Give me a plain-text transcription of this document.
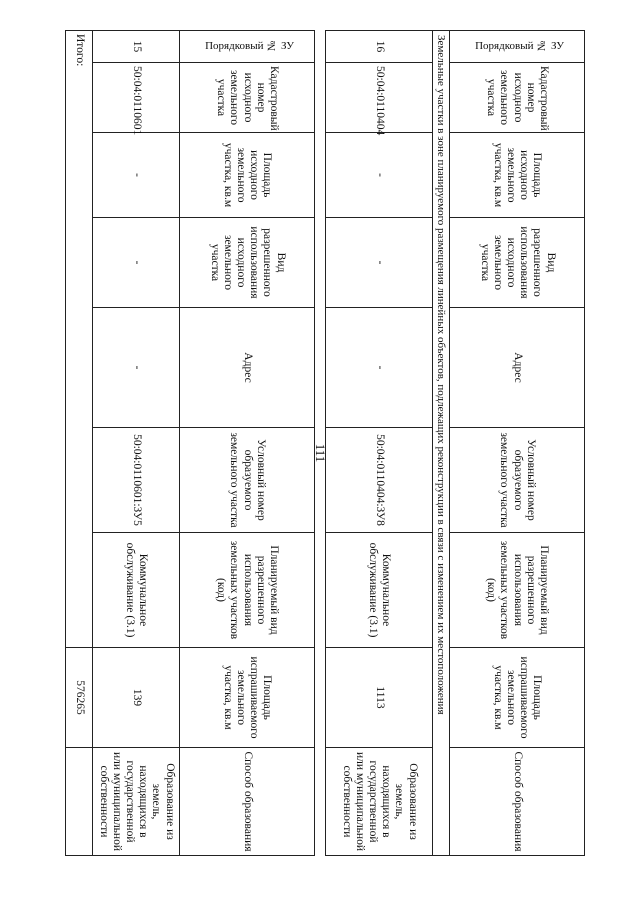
111
Порядковый № ЗУ	Кадастровый номер исходного земельного участка	Площадь исходного земельного участка, кв.м	Вид разрешенного использования исходного земельного участка	Адрес	Условный номер образуемого земельного участка	Планируемый вид разрешенного использования земельных участков (код)	Площадь испрашиваемого земельного участка, кв.м	Способ образования
15	50:04:0110601	-	-	-	50:04:0110601:ЗУ5	Коммунальное обслуживание (3.1)	139	Образование из земель, находящихся в государственной или муниципальной собственности
Итого:							576265	
Порядковый № ЗУ	Кадастровый номер исходного земельного участка	Площадь исходного земельного участка, кв.м	Вид разрешенного использования исходного земельного участка	Адрес	Условный номер образуемого земельного участка	Планируемый вид разрешенного использования земельных участков (код)	Площадь испрашиваемого земельного участка, кв.м	Способ образования
Земельные участки в зоне планируемого размещения линейных объектов, подлежащих реконструкции в связи с изменением их местоположения								
16	50:04:0110404	-	-	-	50:04:0110404:ЗУ8	Коммунальное обслуживание (3.1)	1113	Образование из земель, находящихся в государственной или муниципальной собственности
